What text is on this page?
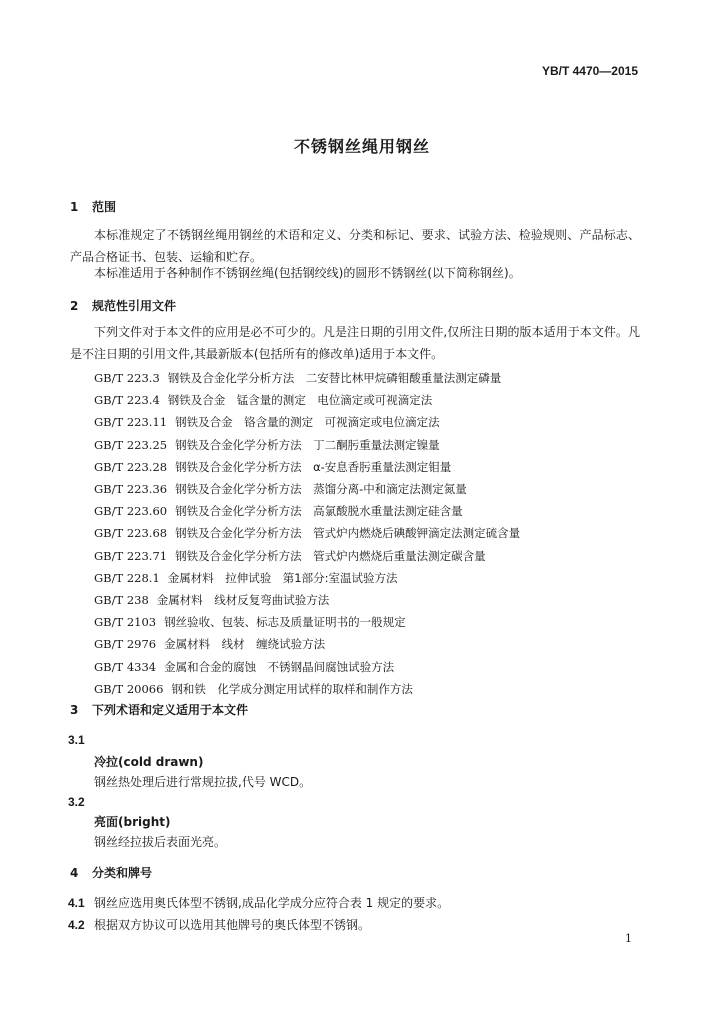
YB/T 4470—2015
不锈钢丝绳用钢丝
1 范围
本标准规定了不锈钢丝绳用钢丝的术语和定义、分类和标记、要求、试验方法、检验规则、产品标志、产品合格证书、包装、运输和贮存。
本标准适用于各种制作不锈钢丝绳(包括钢绞线)的圆形不锈钢丝(以下简称钢丝)。
2 规范性引用文件
下列文件对于本文件的应用是必不可少的。凡是注日期的引用文件,仅所注日期的版本适用于本文件。凡是不注日期的引用文件,其最新版本(包括所有的修改单)适用于本文件。
GB/T 223.3 钢铁及合金化学分析方法　二安替比林甲烷磷钼酸重量法测定磷量
GB/T 223.4 钢铁及合金　锰含量的测定　电位滴定或可视滴定法
GB/T 223.11 钢铁及合金　铬含量的测定　可视滴定或电位滴定法
GB/T 223.25 钢铁及合金化学分析方法　丁二酮肟重量法测定镍量
GB/T 223.28 钢铁及合金化学分析方法　α-安息香肟重量法测定钼量
GB/T 223.36 钢铁及合金化学分析方法　蒸馏分离-中和滴定法测定氮量
GB/T 223.60 钢铁及合金化学分析方法　高氯酸脱水重量法测定硅含量
GB/T 223.68 钢铁及合金化学分析方法　管式炉内燃烧后碘酸钾滴定法测定硫含量
GB/T 223.71 钢铁及合金化学分析方法　管式炉内燃烧后重量法测定碳含量
GB/T 228.1 金属材料　拉伸试验　第1部分:室温试验方法
GB/T 238 金属材料　线材反复弯曲试验方法
GB/T 2103 钢丝验收、包装、标志及质量证明书的一般规定
GB/T 2976 金属材料　线材　缠绕试验方法
GB/T 4334 金属和合金的腐蚀　不锈钢晶间腐蚀试验方法
GB/T 20066 钢和铁　化学成分测定用试样的取样和制作方法
3 下列术语和定义适用于本文件
3.1
冷拉(cold drawn)
钢丝热处理后进行常规拉拔,代号 WCD。
3.2
亮面(bright)
钢丝经拉拔后表面光亮。
4 分类和牌号
4.1 钢丝应选用奥氏体型不锈钢,成品化学成分应符合表 1 规定的要求。
4.2 根据双方协议可以选用其他牌号的奥氏体型不锈钢。
1
